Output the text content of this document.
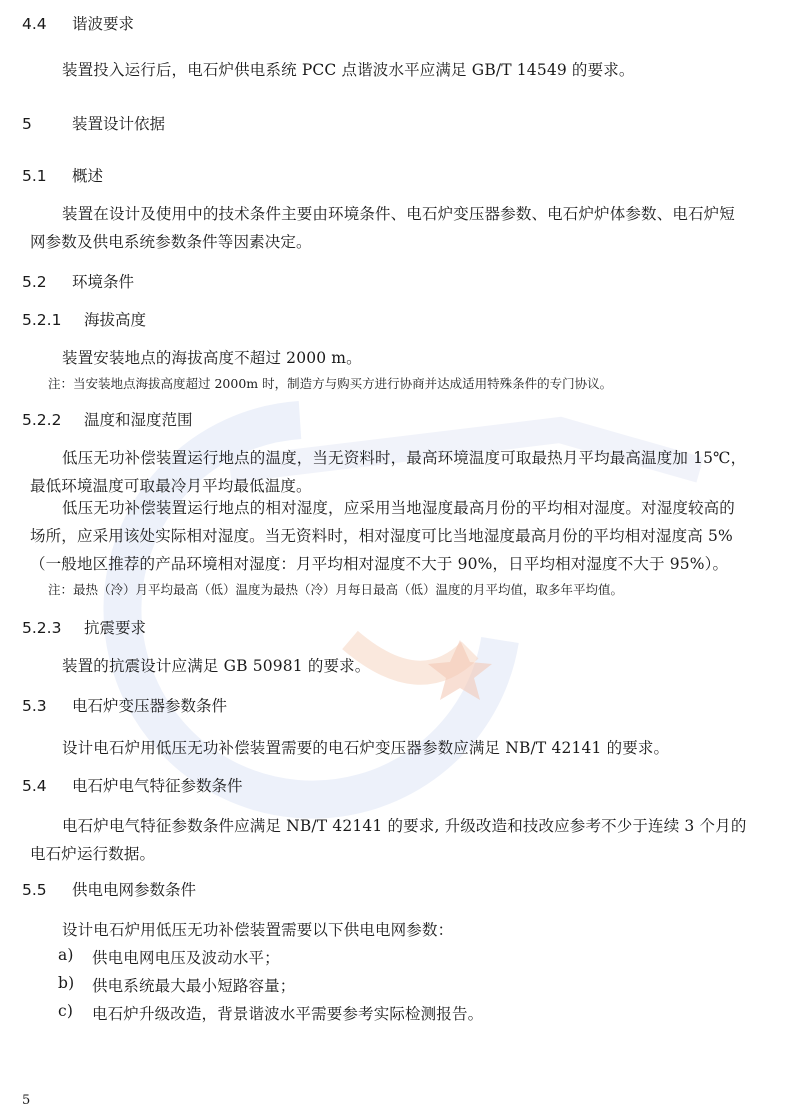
4.4 谐波要求
装置投入运行后，电石炉供电系统 PCC 点谐波水平应满足 GB/T 14549 的要求。
5	装置设计依据
5.1 概述
装置在设计及使用中的技术条件主要由环境条件、电石炉变压器参数、电石炉炉体参数、电石炉短
网参数及供电系统参数条件等因素决定。
5.2 环境条件
5.2.1 海拔高度
装置安装地点的海拔高度不超过 2000 m。
注：当安装地点海拔高度超过 2000m 时，制造方与购买方进行协商并达成适用特殊条件的专门协议。
5.2.2 温度和湿度范围
低压无功补偿装置运行地点的温度，当无资料时，最高环境温度可取最热月平均最高温度加 15℃，
最低环境温度可取最冷月平均最低温度。
低压无功补偿装置运行地点的相对湿度，应采用当地湿度最高月份的平均相对湿度。对湿度较高的
场所，应采用该处实际相对湿度。当无资料时，相对湿度可比当地湿度最高月份的平均相对湿度高 5%
（一般地区推荐的产品环境相对湿度：月平均相对湿度不大于 90%，日平均相对湿度不大于 95%）。
注：最热（冷）月平均最高（低）温度为最热（冷）月每日最高（低）温度的月平均值，取多年平均值。
5.2.3 抗震要求
装置的抗震设计应满足 GB 50981 的要求。
5.3 电石炉变压器参数条件
设计电石炉用低压无功补偿装置需要的电石炉变压器参数应满足 NB/T 42141 的要求。
5.4 电石炉电气特征参数条件
电石炉电气特征参数条件应满足 NB/T 42141 的要求, 升级改造和技改应参考不少于连续 3 个月的
电石炉运行数据。
5.5 供电电网参数条件
设计电石炉用低压无功补偿装置需要以下供电电网参数：
a) 供电电网电压及波动水平；
b) 供电系统最大最小短路容量；
c) 电石炉升级改造，背景谐波水平需要参考实际检测报告。
5
